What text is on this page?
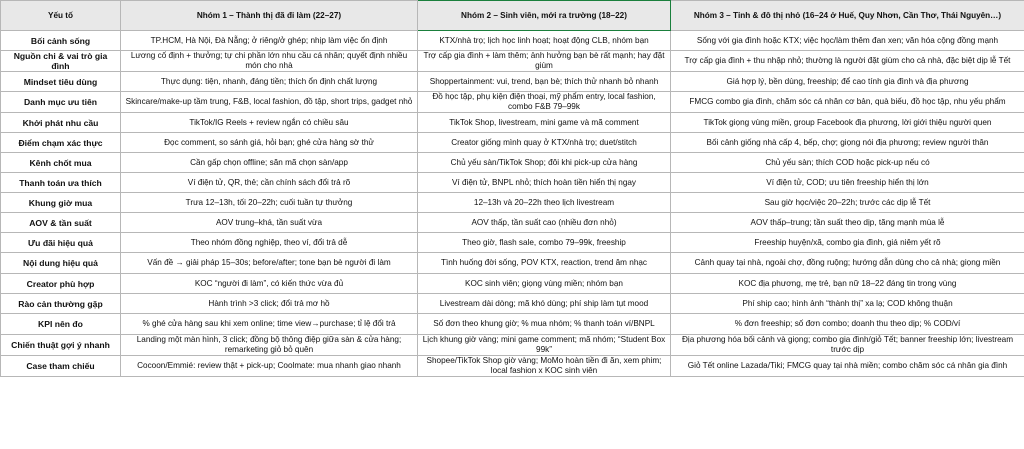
Yếu tố	Nhóm 1 – Thành thị đã đi làm (22–27)	Nhóm 2 – Sinh viên, mới ra trường (18–22)	Nhóm 3 – Tỉnh & đô thị nhỏ (16–24 ở Huế, Quy Nhơn, Cần Thơ, Thái Nguyên…)
Bối cảnh sống	TP.HCM, Hà Nội, Đà Nẵng; ở riêng/ở ghép; nhịp làm việc ổn định	KTX/nhà trọ; lịch học linh hoạt; hoạt động CLB, nhóm bạn	Sống với gia đình hoặc KTX; việc học/làm thêm đan xen; văn hóa cộng đồng mạnh
Nguồn chi & vai trò gia đình	Lương cố định + thưởng; tự chi phần lớn nhu cầu cá nhân; quyết định nhiều món cho nhà	Trợ cấp gia đình + làm thêm; ảnh hưởng bạn bè rất mạnh; hay đặt giùm	Trợ cấp gia đình + thu nhập nhỏ; thường là người đặt giùm cho cả nhà, đặc biệt dịp lễ Tết
Mindset tiêu dùng	Thực dụng: tiện, nhanh, đáng tiền; thích ổn định chất lượng	Shoppertainment: vui, trend, bạn bè; thích thử nhanh bỏ nhanh	Giá hợp lý, bền dùng, freeship; để cao tính gia đình và địa phương
Danh mục ưu tiên	Skincare/make-up tầm trung, F&B, local fashion, đồ tập, short trips, gadget nhỏ	Đồ học tập, phụ kiện điện thoại, mỹ phẩm entry, local fashion, combo F&B 79–99k	FMCG combo gia đình, chăm sóc cá nhân cơ bản, quà biếu, đồ học tập, nhu yếu phẩm
Khởi phát nhu cầu	TikTok/IG Reels + review ngắn có chiều sâu	TikTok Shop, livestream, mini game và mã comment	TikTok giọng vùng miền, group Facebook địa phương, lời giới thiệu người quen
Điểm chạm xác thực	Đọc comment, so sánh giá, hỏi bạn; ghé cửa hàng sờ thử	Creator giống mình quay ở KTX/nhà trọ; duet/stitch	Bối cảnh giống nhà cấp 4, bếp, chợ; giọng nói địa phương; review người thân
Kênh chốt mua	Cần gấp chọn offline; săn mã chọn sàn/app	Chủ yếu sàn/TikTok Shop; đôi khi pick-up cửa hàng	Chủ yếu sàn; thích COD hoặc pick-up nếu có
Thanh toán ưa thích	Ví điện tử, QR, thẻ; cần chính sách đổi trả rõ	Ví điện tử, BNPL nhỏ; thích hoàn tiền hiển thị ngay	Ví điện tử, COD; ưu tiên freeship hiển thị lớn
Khung giờ mua	Trưa 12–13h, tối 20–22h; cuối tuần tự thưởng	12–13h và 20–22h theo lịch livestream	Sau giờ học/việc 20–22h; trước các dịp lễ Tết
AOV & tần suất	AOV trung–khá, tần suất vừa	AOV thấp, tần suất cao (nhiều đơn nhỏ)	AOV thấp–trung; tần suất theo dịp, tăng mạnh mùa lễ
Ưu đãi hiệu quả	Theo nhóm đồng nghiệp, theo ví, đổi trả dễ	Theo giờ, flash sale, combo 79–99k, freeship	Freeship huyện/xã, combo gia đình, giá niêm yết rõ
Nội dung hiệu quả	Vấn đề → giải pháp 15–30s; before/after; tone bạn bè người đi làm	Tình huống đời sống, POV KTX, reaction, trend âm nhạc	Cảnh quay tại nhà, ngoài chợ, đồng ruộng; hướng dẫn dùng cho cả nhà; giọng miền
Creator phù hợp	KOC “người đi làm”, có kiến thức vừa đủ	KOC sinh viên; giọng vùng miền; nhóm bạn	KOC địa phương, mẹ trẻ, bạn nữ 18–22 đáng tin trong vùng
Rào cản thường gặp	Hành trình >3 click; đổi trả mơ hồ	Livestream dài dòng; mã khó dùng; phí ship làm tụt mood	Phí ship cao; hình ảnh “thành thị” xa lạ; COD không thuận
KPI nên đo	% ghé cửa hàng sau khi xem online; time view→purchase; tỉ lệ đổi trả	Số đơn theo khung giờ; % mua nhóm; % thanh toán ví/BNPL	% đơn freeship; số đơn combo; doanh thu theo dịp; % COD/ví
Chiến thuật gợi ý nhanh	Landing một màn hình, 3 click; đồng bộ thông điệp giữa sàn & cửa hàng; remarketing giỏ bỏ quên	Lịch khung giờ vàng; mini game comment; mã nhóm; “Student Box 99k”	Địa phương hóa bối cảnh và giọng; combo gia đình/giỏ Tết; banner freeship lớn; livestream trước dịp
Case tham chiếu	Cocoon/Emmié: review thật + pick-up; Coolmate: mua nhanh giao nhanh	Shopee/TikTok Shop giờ vàng; MoMo hoàn tiền đi ăn, xem phim; local fashion x KOC sinh viên	Giỏ Tết online Lazada/Tiki; FMCG quay tại nhà miền; combo chăm sóc cá nhân gia đình
